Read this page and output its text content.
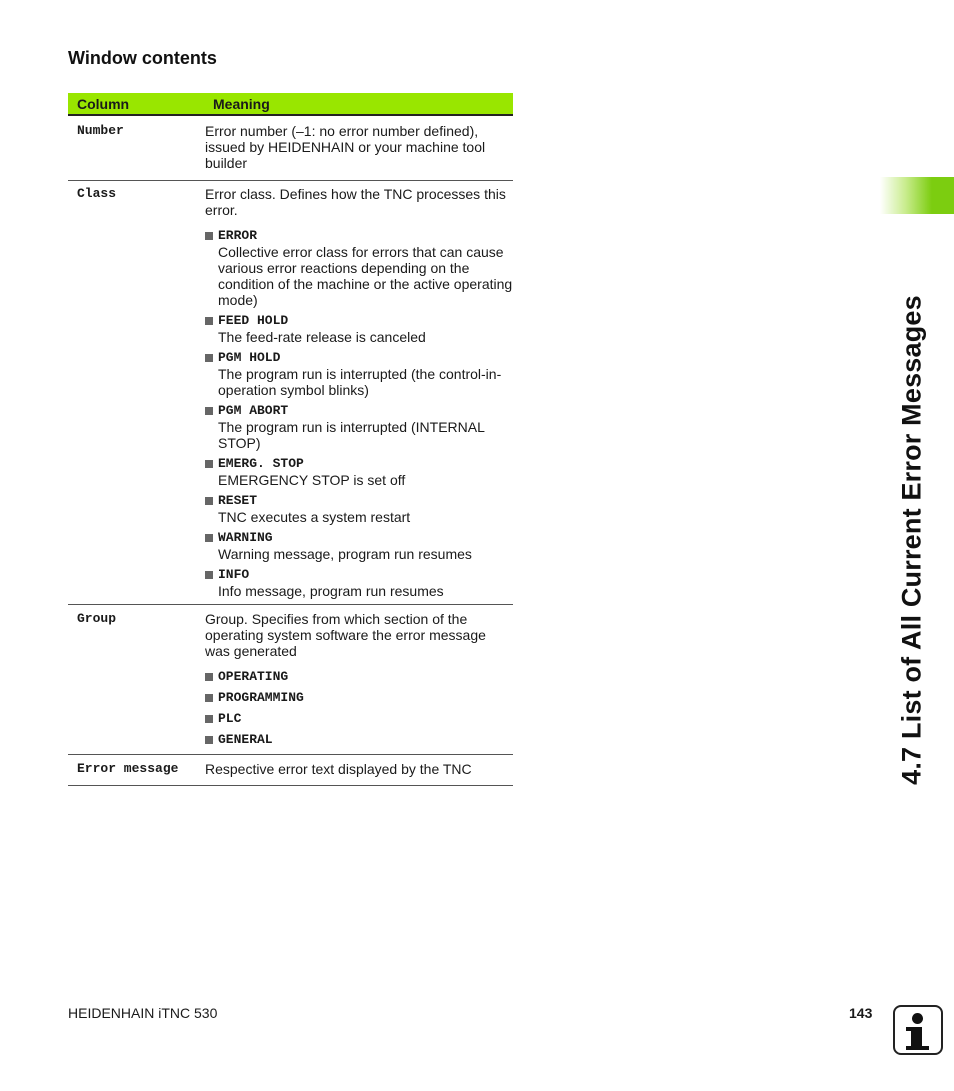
Window contents
Column	Meaning
Number	Error number (–1: no error number defined), issued by HEIDENHAIN or your machine tool builder

Class	Error class. Defines how the TNC processes this error.

ERROR
Collective error class for errors that can cause various error reactions depending on the condition of the machine or the active operating mode)
FEED HOLD
The feed-rate release is canceled
PGM HOLD
The program run is interrupted (the control-in-operation symbol blinks)
PGM ABORT
The program run is interrupted (INTERNAL STOP)
EMERG. STOP
EMERGENCY STOP is set off
RESET
TNC executes a system restart
WARNING
Warning message, program run resumes
INFO
Info message, program run resumes
Group	Group. Specifies from which section of the operating system software the error message was generated

OPERATING
PROGRAMMING
PLC
GENERAL
Error message	Respective error text displayed by the TNC	4.7 List of All Current Error Messages
HEIDENHAIN iTNC 530	143
